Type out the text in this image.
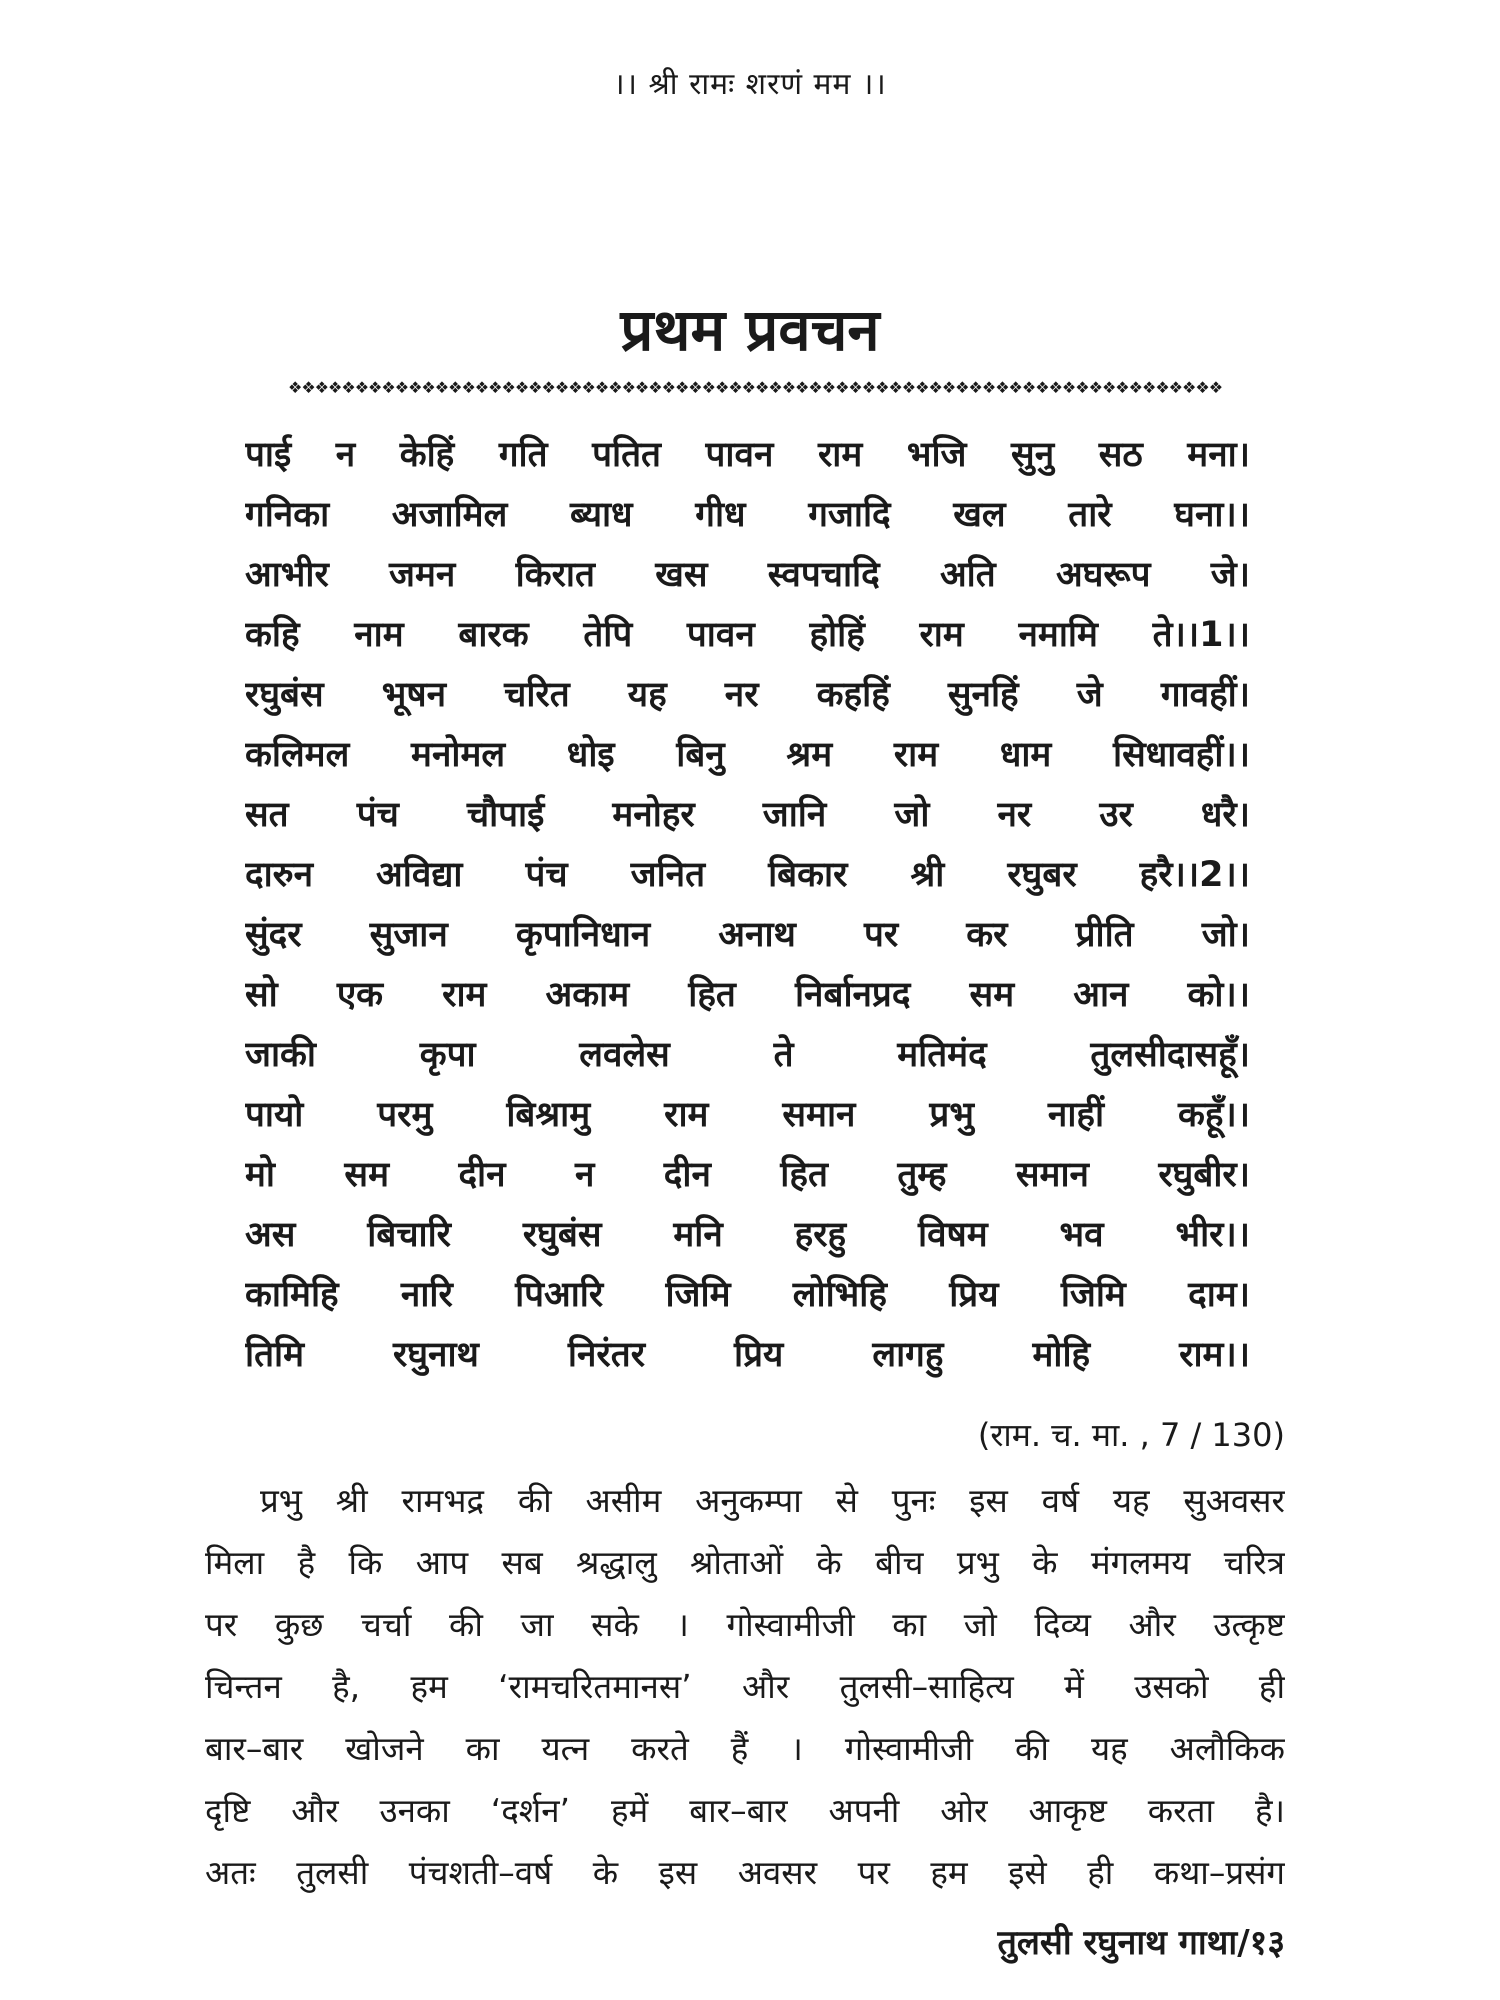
।। श्री रामः शरणं मम ।।
प्रथम प्रवचन
❖❖❖❖❖❖❖❖❖❖❖❖❖❖❖❖❖❖❖❖❖❖❖❖❖❖❖❖❖❖❖❖❖❖❖❖❖❖❖❖❖❖❖❖❖❖❖❖❖❖❖❖❖❖❖❖❖❖❖❖❖❖❖❖❖❖❖❖❖❖
पाई न केहिं गति पतित पावन राम भजि सुनु सठ मना।
गनिका अजामिल ब्याध गीध गजादि खल तारे घना।।
आभीर जमन किरात खस स्वपचादि अति अघरूप जे।
कहि नाम बारक तेपि पावन होहिं राम नमामि ते।।1।।
रघुबंस भूषन चरित यह नर कहहिं सुनहिं जे गावहीं।
कलिमल मनोमल धोइ बिनु श्रम राम धाम सिधावहीं।।
सत पंच चौपाई मनोहर जानि जो नर उर धरै।
दारुन अविद्या पंच जनित बिकार श्री रघुबर हरै।।2।।
सुंदर सुजान कृपानिधान अनाथ पर कर प्रीति जो।
सो एक राम अकाम हित निर्बानप्रद सम आन को।।
जाकी कृपा लवलेस ते मतिमंद तुलसीदासहूँ।
पायो परमु बिश्रामु राम समान प्रभु नाहीं कहूँ।।
मो सम दीन न दीन हित तुम्ह समान रघुबीर।
अस बिचारि रघुबंस मनि हरहु विषम भव भीर।।
कामिहि नारि पिआरि जिमि लोभिहि प्रिय जिमि दाम।
तिमि रघुनाथ निरंतर प्रिय लागहु मोहि राम।।
(राम. च. मा. , 7 / 130)
प्रभु श्री रामभद्र की असीम अनुकम्पा से पुनः इस वर्ष यह सुअवसर
मिला है कि आप सब श्रद्धालु श्रोताओं के बीच प्रभु के मंगलमय चरित्र
पर कुछ चर्चा की जा सके । गोस्वामीजी का जो दिव्य और उत्कृष्ट
चिन्तन है, हम ‘रामचरितमानस’ और तुलसी–साहित्य में उसको ही
बार–बार खोजने का यत्न करते हैं । गोस्वामीजी की यह अलौकिक
दृष्टि और उनका ‘दर्शन’ हमें बार–बार अपनी ओर आकृष्ट करता है।
अतः तुलसी पंचशती–वर्ष के इस अवसर पर हम इसे ही कथा–प्रसंग
तुलसी रघुनाथ गाथा/१३
